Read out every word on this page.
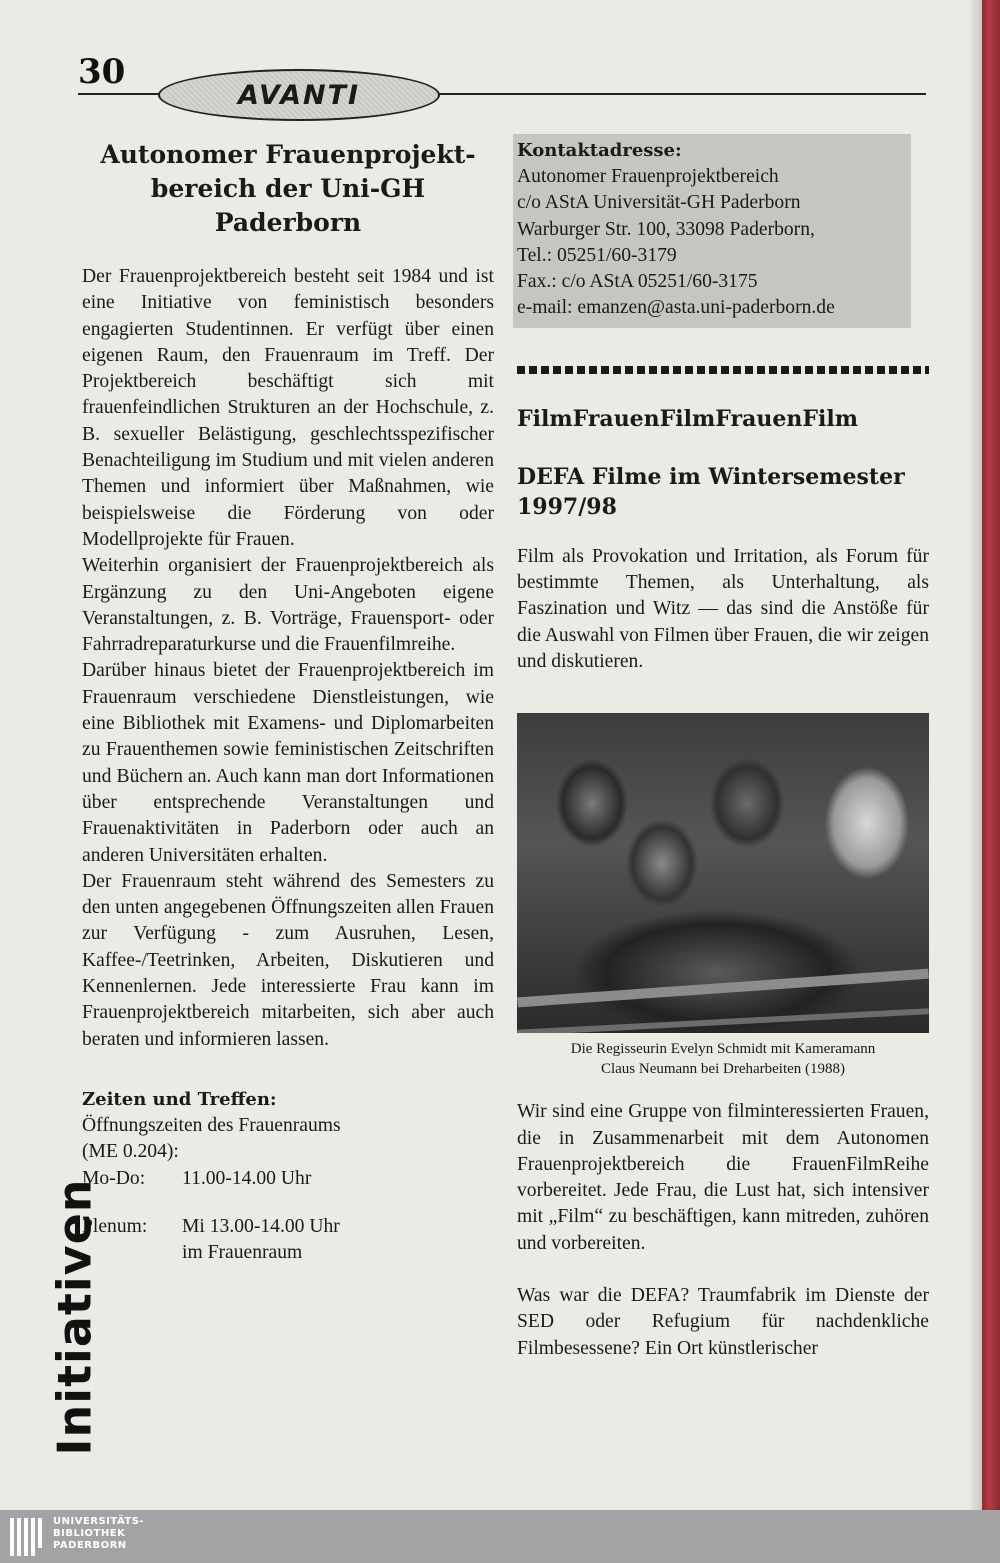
30
AVANTI
Autonomer Frauenprojekt-
bereich der Uni-GH Paderborn

Der Frauenprojektbereich besteht seit 1984 und ist eine Initiative von feministisch besonders engagierten Studentinnen. Er verfügt über einen eigenen Raum, den Frauenraum im Treff. Der Projektbereich beschäftigt sich mit frauenfeindlichen Strukturen an der Hochschule, z. B. sexueller Belästigung, geschlechtsspezifischer Benachteiligung im Studium und mit vielen anderen Themen und informiert über Maßnahmen, wie beispielsweise die Förderung von oder Modellprojekte für Frauen.

Weiterhin organisiert der Frauenprojektbereich als Ergänzung zu den Uni-Angeboten eigene Veranstaltungen, z. B. Vorträge, Frauensport- oder Fahrradreparaturkurse und die Frauenfilmreihe.

Darüber hinaus bietet der Frauenprojektbereich im Frauenraum verschiedene Dienstleistungen, wie eine Bibliothek mit Examens- und Diplomarbeiten zu Frauenthemen sowie feministischen Zeitschriften und Büchern an. Auch kann man dort Informationen über entsprechende Veranstaltungen und Frauenaktivitäten in Paderborn oder auch an anderen Universitäten erhalten.

Der Frauenraum steht während des Semesters zu den unten angegebenen Öffnungszeiten allen Frauen zur Verfügung - zum Ausruhen, Lesen, Kaffee-/Teetrinken, Arbeiten, Diskutieren und Kennenlernen. Jede interessierte Frau kann im Frauenprojektbereich mitarbeiten, sich aber auch beraten und informieren lassen.

Zeiten und Treffen:
Öffnungszeiten des Frauenraums
(ME 0.204):
Mo-Do:	11.00-14.00 Uhr
Plenum:	Mi 13.00-14.00 Uhr
im Frauenraum
Kontaktadresse:
Autonomer Frauenprojektbereich
c/o AStA Universität-GH Paderborn
Warburger Str. 100, 33098 Paderborn,
Tel.: 05251/60-3179
Fax.: c/o AStA 05251/60-3175
e-mail: emanzen@asta.uni-paderborn.de
FilmFrauenFilmFrauenFilm
DEFA Filme im Wintersemester
1997/98

Film als Provokation und Irritation, als Forum für bestimmte Themen, als Unterhaltung, als Faszination und Witz — das sind die Anstöße für die Auswahl von Filmen über Frauen, die wir zeigen und diskutieren.

Die Regisseurin Evelyn Schmidt mit Kameramann
Claus Neumann bei Dreharbeiten (1988)

Wir sind eine Gruppe von filminteressierten Frauen, die in Zusammenarbeit mit dem Autonomen Frauenprojektbereich die FrauenFilmReihe vorbereitet. Jede Frau, die Lust hat, sich intensiver mit „Film“ zu beschäftigen, kann mitreden, zuhören und vorbereiten.

Was war die DEFA? Traumfabrik im Dienste der SED oder Refugium für nachdenkliche Filmbesessene? Ein Ort künstlerischer

Initiativen
UNIVERSITÄTS-
BIBLIOTHEK
PADERBORN
